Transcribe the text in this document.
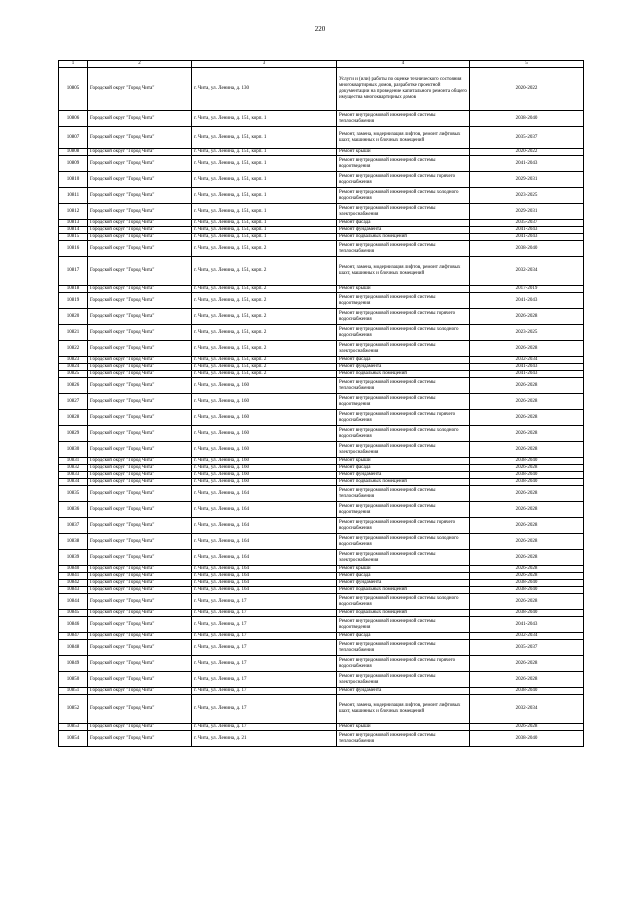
220
1	2	3	4	5
10805	Городской округ "Город Чита"	г. Чита, ул. Ленина, д. 130	Услуги и (или) работы по оценке технического состояния многоквартирных домов, разработке проектной документации на проведение капитального ремонта общего имущества многоквартирных домов	2020-2022
10806	Городской округ "Город Чита"	г. Чита, ул. Ленина, д. 151, корп. 1	Ремонт внутридомовой инженерной системы теплоснабжения	2038-2040
10807	Городской округ "Город Чита"	г. Чита, ул. Ленина, д. 151, корп. 1	Ремонт, замена, модернизация лифтов, ремонт лифтовых шахт, машинных и блочных помещений	2035-2037
10808	Городской округ "Город Чита"	г. Чита, ул. Ленина, д. 151, корп. 1	Ремонт крыши	2020-2022
10809	Городской округ "Город Чита"	г. Чита, ул. Ленина, д. 151, корп. 1	Ремонт внутридомовой инженерной системы водоотведения	2041-2043
10810	Городской округ "Город Чита"	г. Чита, ул. Ленина, д. 151, корп. 1	Ремонт внутридомовой инженерной системы горячего водоснабжения	2029-2031
10811	Городской округ "Город Чита"	г. Чита, ул. Ленина, д. 151, корп. 1	Ремонт внутридомовой инженерной системы холодного водоснабжения	2023-2025
10812	Городской округ "Город Чита"	г. Чита, ул. Ленина, д. 151, корп. 1	Ремонт внутридомовой инженерной системы электроснабжения	2029-2031
10813	Городской округ "Город Чита"	г. Чита, ул. Ленина, д. 151, корп. 1	Ремонт фасада	2035-2037
10814	Городской округ "Город Чита"	г. Чита, ул. Ленина, д. 151, корп. 1	Ремонт фундамента	2041-2043
10815	Городской округ "Город Чита"	г. Чита, ул. Ленина, д. 151, корп. 1	Ремонт подвальных помещений	2041-2043
10816	Городской округ "Город Чита"	г. Чита, ул. Ленина, д. 151, корп. 2	Ремонт внутридомовой инженерной системы теплоснабжения	2038-2040
10817	Городской округ "Город Чита"	г. Чита, ул. Ленина, д. 151, корп. 2	Ремонт, замена, модернизация лифтов, ремонт лифтовых шахт, машинных и блочных помещений	2032-2034
10818	Городской округ "Город Чита"	г. Чита, ул. Ленина, д. 151, корп. 2	Ремонт крыши	2017-2019
10819	Городской округ "Город Чита"	г. Чита, ул. Ленина, д. 151, корп. 2	Ремонт внутридомовой инженерной системы водоотведения	2041-2043
10820	Городской округ "Город Чита"	г. Чита, ул. Ленина, д. 151, корп. 2	Ремонт внутридомовой инженерной системы горячего водоснабжения	2026-2028
10821	Городской округ "Город Чита"	г. Чита, ул. Ленина, д. 151, корп. 2	Ремонт внутридомовой инженерной системы холодного водоснабжения	2023-2025
10822	Городской округ "Город Чита"	г. Чита, ул. Ленина, д. 151, корп. 2	Ремонт внутридомовой инженерной системы электроснабжения	2026-2028
10823	Городской округ "Город Чита"	г. Чита, ул. Ленина, д. 151, корп. 2	Ремонт фасада	2032-2034
10824	Городской округ "Город Чита"	г. Чита, ул. Ленина, д. 151, корп. 2	Ремонт фундамента	2041-2043
10825	Городской округ "Город Чита"	г. Чита, ул. Ленина, д. 151, корп. 2	Ремонт подвальных помещений	2041-2043
10826	Городской округ "Город Чита"	г. Чита, ул. Ленина, д. 160	Ремонт внутридомовой инженерной системы теплоснабжения	2026-2028
10827	Городской округ "Город Чита"	г. Чита, ул. Ленина, д. 160	Ремонт внутридомовой инженерной системы водоотведения	2026-2028
10828	Городской округ "Город Чита"	г. Чита, ул. Ленина, д. 160	Ремонт внутридомовой инженерной системы горячего водоснабжения	2026-2028
10829	Городской округ "Город Чита"	г. Чита, ул. Ленина, д. 160	Ремонт внутридомовой инженерной системы холодного водоснабжения	2026-2028
10830	Городской округ "Город Чита"	г. Чита, ул. Ленина, д. 160	Ремонт внутридомовой инженерной системы электроснабжения	2026-2028
10831	Городской округ "Город Чита"	г. Чита, ул. Ленина, д. 160	Ремонт крыши	2038-2040
10832	Городской округ "Город Чита"	г. Чита, ул. Ленина, д. 160	Ремонт фасада	2026-2028
10833	Городской округ "Город Чита"	г. Чита, ул. Ленина, д. 160	Ремонт фундамента	2038-2040
10834	Городской округ "Город Чита"	г. Чита, ул. Ленина, д. 160	Ремонт подвальных помещений	2038-2040
10835	Городской округ "Город Чита"	г. Чита, ул. Ленина, д. 164	Ремонт внутридомовой инженерной системы теплоснабжения	2026-2028
10836	Городской округ "Город Чита"	г. Чита, ул. Ленина, д. 164	Ремонт внутридомовой инженерной системы водоотведения	2026-2028
10837	Городской округ "Город Чита"	г. Чита, ул. Ленина, д. 164	Ремонт внутридомовой инженерной системы горячего водоснабжения	2026-2028
10838	Городской округ "Город Чита"	г. Чита, ул. Ленина, д. 164	Ремонт внутридомовой инженерной системы холодного водоснабжения	2026-2028
10839	Городской округ "Город Чита"	г. Чита, ул. Ленина, д. 164	Ремонт внутридомовой инженерной системы электроснабжения	2026-2028
10840	Городской округ "Город Чита"	г. Чита, ул. Ленина, д. 164	Ремонт крыши	2026-2028
10841	Городской округ "Город Чита"	г. Чита, ул. Ленина, д. 164	Ремонт фасада	2026-2028
10842	Городской округ "Город Чита"	г. Чита, ул. Ленина, д. 164	Ремонт фундамента	2038-2040
10843	Городской округ "Город Чита"	г. Чита, ул. Ленина, д. 164	Ремонт подвальных помещений	2038-2040
10844	Городской округ "Город Чита"	г. Чита, ул. Ленина, д. 17	Ремонт внутридомовой инженерной системы холодного водоснабжения	2026-2028
10845	Городской округ "Город Чита"	г. Чита, ул. Ленина, д. 17	Ремонт подвальных помещений	2038-2040
10846	Городской округ "Город Чита"	г. Чита, ул. Ленина, д. 17	Ремонт внутридомовой инженерной системы водоотведения	2041-2043
10847	Городской округ "Город Чита"	г. Чита, ул. Ленина, д. 17	Ремонт фасада	2032-2034
10848	Городской округ "Город Чита"	г. Чита, ул. Ленина, д. 17	Ремонт внутридомовой инженерной системы теплоснабжения	2035-2037
10849	Городской округ "Город Чита"	г. Чита, ул. Ленина, д. 17	Ремонт внутридомовой инженерной системы горячего водоснабжения	2026-2028
10850	Городской округ "Город Чита"	г. Чита, ул. Ленина, д. 17	Ремонт внутридомовой инженерной системы электроснабжения	2026-2028
10851	Городской округ "Город Чита"	г. Чита, ул. Ленина, д. 17	Ремонт фундамента	2038-2040
10852	Городской округ "Город Чита"	г. Чита, ул. Ленина, д. 17	Ремонт, замена, модернизация лифтов, ремонт лифтовых шахт, машинных и блочных помещений	2032-2034
10853	Городской округ "Город Чита"	г. Чита, ул. Ленина, д. 17	Ремонт крыши	2026-2028
10854	Городской округ "Город Чита"	г. Чита, ул. Ленина, д. 21	Ремонт внутридомовой инженерной системы теплоснабжения	2038-2040
